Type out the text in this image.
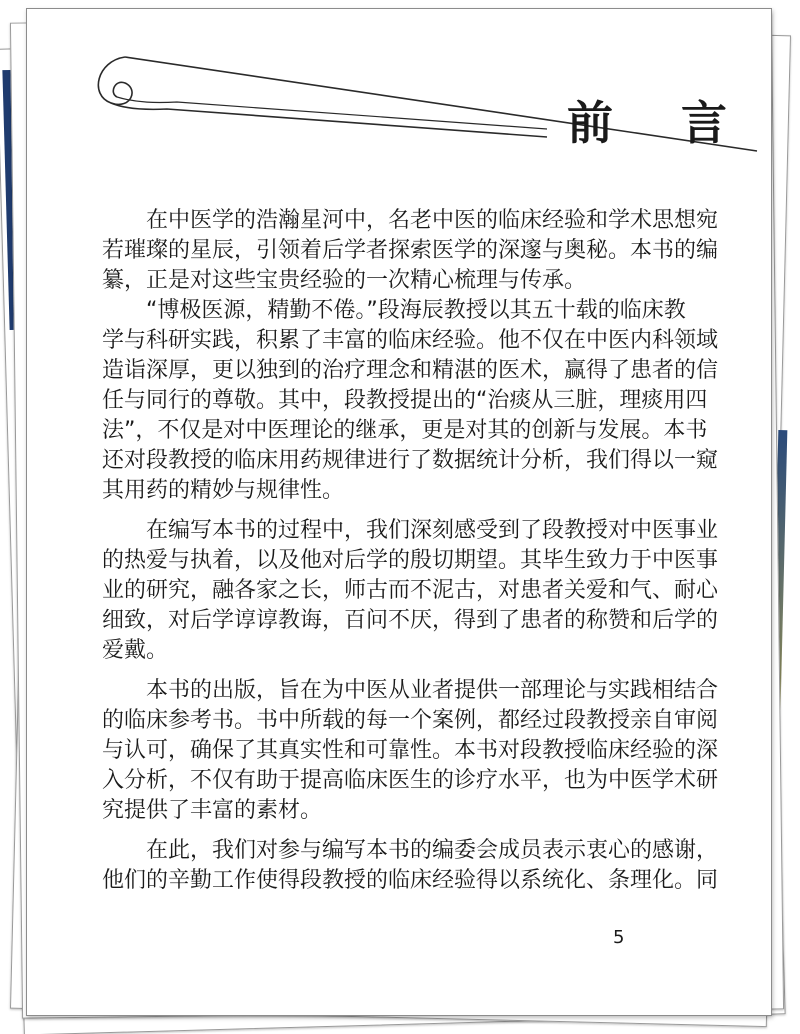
前 言
　　在中医学的浩瀚星河中，名老中医的临床经验和学术思想宛
若璀璨的星辰，引领着后学者探索医学的深邃与奥秘。本书的编
纂，正是对这些宝贵经验的一次精心梳理与传承。
　　“博极医源，精勤不倦。”段海辰教授以其五十载的临床教
学与科研实践，积累了丰富的临床经验。他不仅在中医内科领域
造诣深厚，更以独到的治疗理念和精湛的医术，赢得了患者的信
任与同行的尊敬。其中，段教授提出的“治痰从三脏，理痰用四
法”，不仅是对中医理论的继承，更是对其的创新与发展。本书
还对段教授的临床用药规律进行了数据统计分析，我们得以一窥
其用药的精妙与规律性。
　　在编写本书的过程中，我们深刻感受到了段教授对中医事业
的热爱与执着，以及他对后学的殷切期望。其毕生致力于中医事
业的研究，融各家之长，师古而不泥古，对患者关爱和气、耐心
细致，对后学谆谆教诲，百问不厌，得到了患者的称赞和后学的
爱戴。
　　本书的出版，旨在为中医从业者提供一部理论与实践相结合
的临床参考书。书中所载的每一个案例，都经过段教授亲自审阅
与认可，确保了其真实性和可靠性。本书对段教授临床经验的深
入分析，不仅有助于提高临床医生的诊疗水平，也为中医学术研
究提供了丰富的素材。
　　在此，我们对参与编写本书的编委会成员表示衷心的感谢，
他们的辛勤工作使得段教授的临床经验得以系统化、条理化。同
5
